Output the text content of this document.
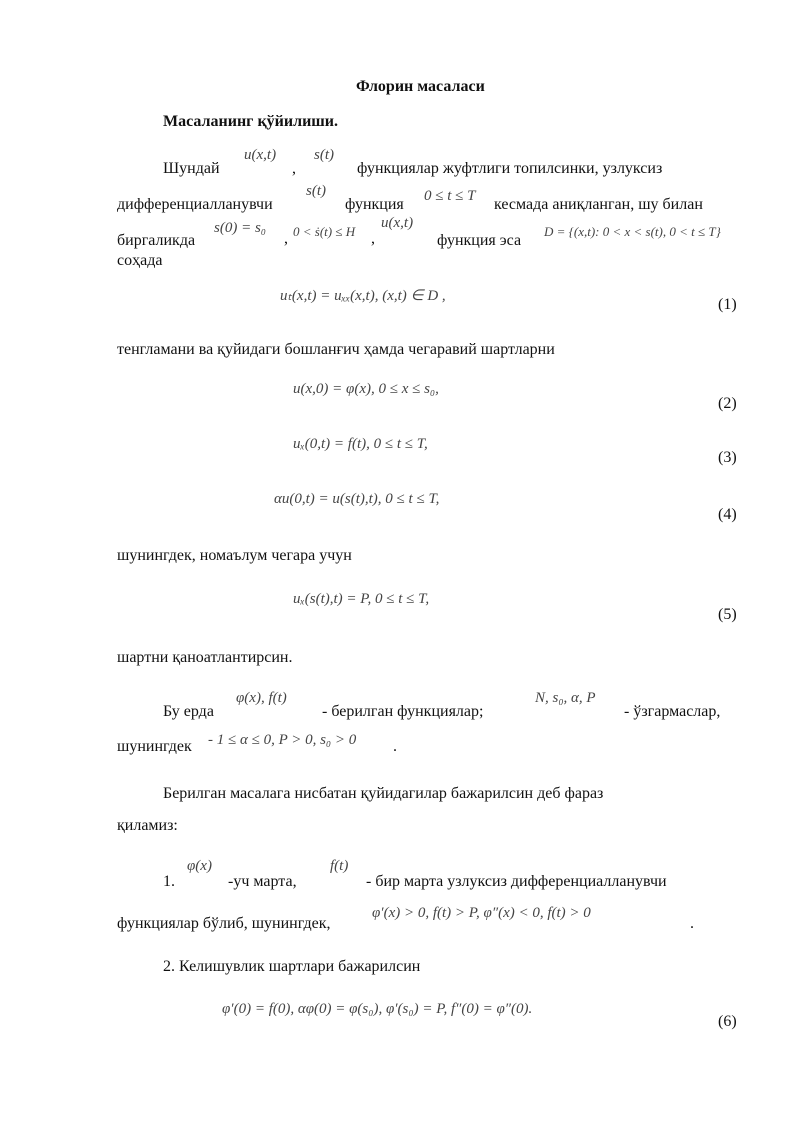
Флорин масаласи
Масаланинг қўйилиши.
Шундай
u(x,t)
,
s(t)
функциялар жуфтлиги топилсинки, узлуксиз
дифференциалланувчи
s(t)
функция 0 ≤ t ≤ T кесмада аниқланган, шу билан
биргаликда
s(0) = s₀
, 0 < ṡ(t) ≤ H ,
u(x,t)
функция эса
D = {(x,t): 0 < x < s(t), 0 < t ≤ T}
соҳада
uₜ(x,t) = uₓₓ(x,t), (x,t) ∈ D ,	(1)
тенгламани ва қуйидаги бошланғич ҳамда чегаравий шартларни
u(x,0) = φ(x), 0 ≤ x ≤ s₀,
(2)
uₓ(0,t) = f(t), 0 ≤ t ≤ T,
(3)
αu(0,t) = u(s(t),t), 0 ≤ t ≤ T,
(4)
шунингдек, номаълум чегара учун
uₓ(s(t),t) = P, 0 ≤ t ≤ T,
(5)
шартни қаноатлантирсин.
Бу ерда
φ(x), f(t)
- берилган функциялар;
N, s₀, α, P
- ўзгармаслар,
шунингдек - 1 ≤ α ≤ 0, P > 0, s₀ > 0 .
Берилган масалага нисбатан қуйидагилар бажарилсин деб фараз
қиламиз:
1.
φ(x)
-уч марта,
f(t)
- бир марта узлуксиз дифференциалланувчи
функциялар бўлиб, шунингдек,
φ′(x) > 0, f(t) > P, φ″(x) < 0, f(t) > 0
.
2. Келишувлик шартлари бажарилсин
φ′(0) = f(0), αφ(0) = φ(s₀), φ′(s₀) = P, f″(0) = φ″(0).
(6)
